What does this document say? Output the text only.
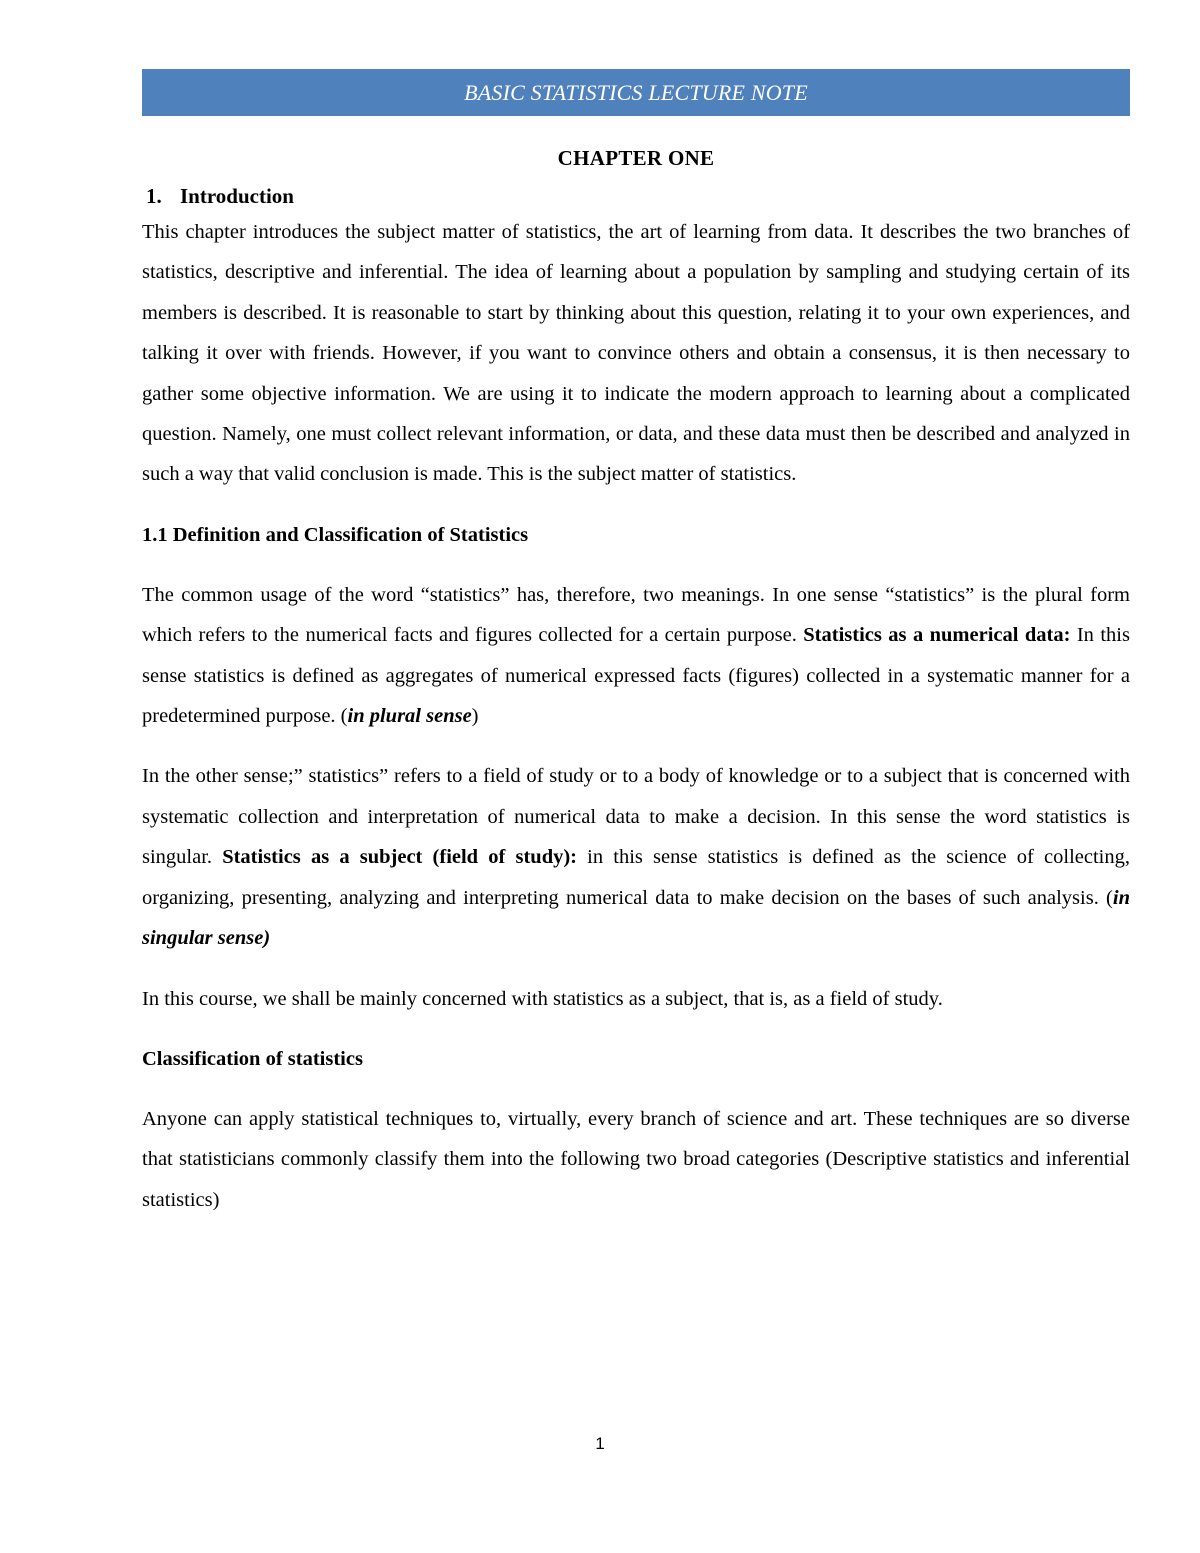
BASIC STATISTICS LECTURE NOTE
CHAPTER ONE
1. Introduction

This chapter introduces the subject matter of statistics, the art of learning from data. It describes the two branches of statistics, descriptive and inferential. The idea of learning about a population by sampling and studying certain of its members is described. It is reasonable to start by thinking about this question, relating it to your own experiences, and talking it over with friends. However, if you want to convince others and obtain a consensus, it is then necessary to gather some objective information. We are using it to indicate the modern approach to learning about a complicated question. Namely, one must collect relevant information, or data, and these data must then be described and analyzed in such a way that valid conclusion is made. This is the subject matter of statistics.

1.1 Definition and Classification of Statistics

The common usage of the word “statistics” has, therefore, two meanings. In one sense “statistics” is the plural form which refers to the numerical facts and figures collected for a certain purpose. Statistics as a numerical data: In this sense statistics is defined as aggregates of numerical expressed facts (figures) collected in a systematic manner for a predetermined purpose. (in plural sense)

In the other sense;” statistics” refers to a field of study or to a body of knowledge or to a subject that is concerned with systematic collection and interpretation of numerical data to make a decision. In this sense the word statistics is singular. Statistics as a subject (field of study): in this sense statistics is defined as the science of collecting, organizing, presenting, analyzing and interpreting numerical data to make decision on the bases of such analysis. (in singular sense)

In this course, we shall be mainly concerned with statistics as a subject, that is, as a field of study.

Classification of statistics

Anyone can apply statistical techniques to, virtually, every branch of science and art. These techniques are so diverse that statisticians commonly classify them into the following two broad categories (Descriptive statistics and inferential statistics)

1
